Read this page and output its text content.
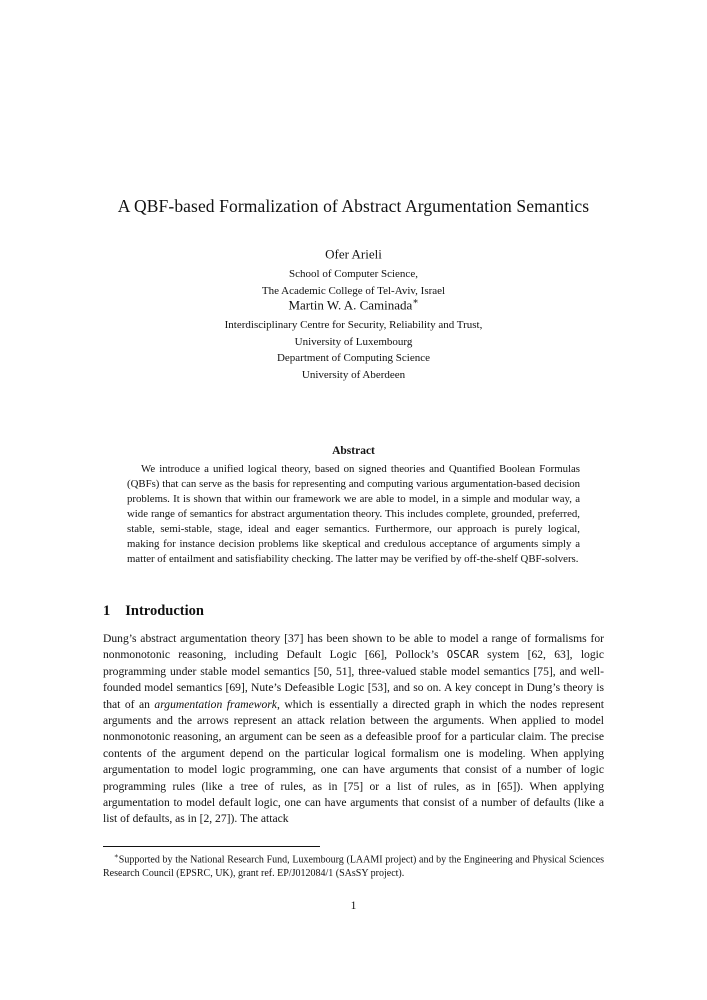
A QBF-based Formalization of Abstract Argumentation Semantics
Ofer Arieli
School of Computer Science,
The Academic College of Tel-Aviv, Israel
Martin W. A. Caminada∗
Interdisciplinary Centre for Security, Reliability and Trust,
University of Luxembourg
Department of Computing Science
University of Aberdeen
Abstract
We introduce a unified logical theory, based on signed theories and Quantified Boolean Formulas (QBFs) that can serve as the basis for representing and computing various argumentation-based decision problems. It is shown that within our framework we are able to model, in a simple and modular way, a wide range of semantics for abstract argumentation theory. This includes complete, grounded, preferred, stable, semi-stable, stage, ideal and eager semantics. Furthermore, our approach is purely logical, making for instance decision problems like skeptical and credulous acceptance of arguments simply a matter of entailment and satisfiability checking. The latter may be verified by off-the-shelf QBF-solvers.
1 Introduction
Dung’s abstract argumentation theory [37] has been shown to be able to model a range of formalisms for nonmonotonic reasoning, including Default Logic [66], Pollock’s OSCAR system [62, 63], logic programming under stable model semantics [50, 51], three-valued stable model semantics [75], and well-founded model semantics [69], Nute’s Defeasible Logic [53], and so on. A key concept in Dung’s theory is that of an argumentation framework, which is essentially a directed graph in which the nodes represent arguments and the arrows represent an attack relation between the arguments. When applied to model nonmonotonic reasoning, an argument can be seen as a defeasible proof for a particular claim. The precise contents of the argument depend on the particular logical formalism one is modeling. When applying argumentation to model logic programming, one can have arguments that consist of a number of logic programming rules (like a tree of rules, as in [75] or a list of rules, as in [65]). When applying argumentation to model default logic, one can have arguments that consist of a number of defaults (like a list of defaults, as in [2, 27]). The attack
∗Supported by the National Research Fund, Luxembourg (LAAMI project) and by the Engineering and Physical Sciences Research Council (EPSRC, UK), grant ref. EP/J012084/1 (SAsSY project).
1
